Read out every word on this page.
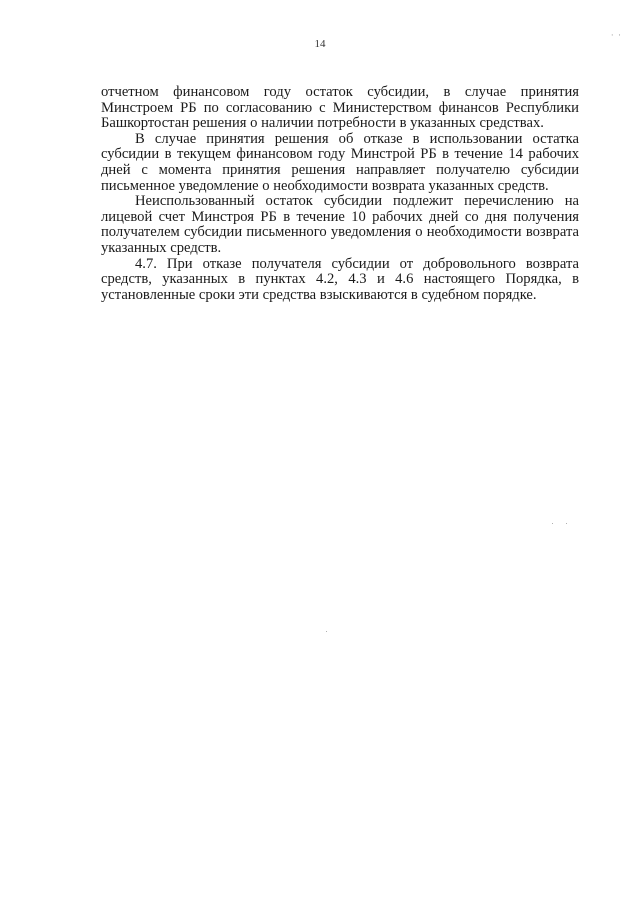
14
· ·

отчетном финансовом году остаток субсидии, в случае принятия Минстроем РБ по согласованию с Министерством финансов Республики Башкортостан решения о наличии потребности в указанных средствах.

В случае принятия решения об отказе в использовании остатка субсидии в текущем финансовом году Минстрой РБ в течение 14 рабочих дней с момента принятия решения направляет получателю субсидии письменное уведомление о необходимости возврата указанных средств.

Неиспользованный остаток субсидии подлежит перечислению на лицевой счет Минстроя РБ в течение 10 рабочих дней со дня получения получателем субсидии письменного уведомления о необходимости возврата указанных средств.

4.7. При отказе получателя субсидии от добровольного возврата средств, указанных в пунктах 4.2, 4.3 и 4.6 настоящего Порядка, в установленные сроки эти средства взыскиваются в судебном порядке.
